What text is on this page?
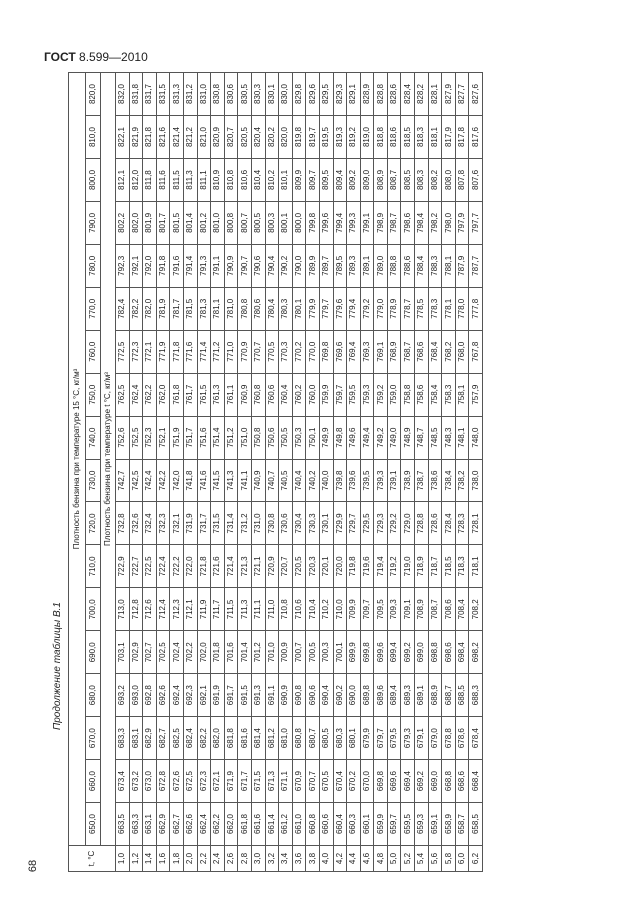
ГОСТ 8.599—2010
Продолжение таблицы В.1
t, °C	Плотность бензина при температуре 15 °С, кг/м³																	
	650,0	660,0	670,0	680,0	690,0	700,0	710,0	720,0	730,0	740,0	750,0	760,0	770,0	780,0	790,0	800,0	810,0	820,0
	Плотность бензина при температуре t °С, кг/м³																	
1,0	663,5	673,4	683,3	693,2	703,1	713,0	722,9	732,8	742,7	752,6	762,5	772,5	782,4	792,3	802,2	812,1	822,1	832,0
1,2	663,3	673,2	683,1	693,0	702,9	712,8	722,7	732,6	742,5	752,5	762,4	772,3	782,2	792,1	802,0	812,0	821,9	831,8
1,4	663,1	673,0	682,9	692,8	702,7	712,6	722,5	732,4	742,4	752,3	762,2	772,1	782,0	792,0	801,9	811,8	821,8	831,7
1,6	662,9	672,8	682,7	692,6	702,5	712,4	722,4	732,3	742,2	752,1	762,0	771,9	781,9	791,8	801,7	811,6	821,6	831,5
1,8	662,7	672,6	682,5	692,4	702,4	712,3	722,2	732,1	742,0	751,9	761,8	771,8	781,7	791,6	801,5	811,5	821,4	831,3
2,0	662,6	672,5	682,4	692,3	702,2	712,1	722,0	731,9	741,8	751,7	761,7	771,6	781,5	791,4	801,4	811,3	821,2	831,2
2,2	662,4	672,3	682,2	692,1	702,0	711,9	721,8	731,7	741,6	751,6	761,5	771,4	781,3	791,3	801,2	811,1	821,0	831,0
2,4	662,2	672,1	682,0	691,9	701,8	711,7	721,6	731,5	741,5	751,4	761,3	771,2	781,1	791,1	801,0	810,9	820,9	830,8
2,6	662,0	671,9	681,8	691,7	701,6	711,5	721,4	731,4	741,3	751,2	761,1	771,0	781,0	790,9	800,8	810,8	820,7	830,6
2,8	661,8	671,7	681,6	691,5	701,4	711,3	721,3	731,2	741,1	751,0	760,9	770,9	780,8	790,7	800,7	810,6	820,5	830,5
3,0	661,6	671,5	681,4	691,3	701,2	711,1	721,1	731,0	740,9	750,8	760,8	770,7	780,6	790,6	800,5	810,4	820,4	830,3
3,2	661,4	671,3	681,2	691,1	701,0	711,0	720,9	730,8	740,7	750,6	760,6	770,5	780,4	790,4	800,3	810,2	820,2	830,1
3,4	661,2	671,1	681,0	690,9	700,9	710,8	720,7	730,6	740,5	750,5	760,4	770,3	780,3	790,2	800,1	810,1	820,0	830,0
3,6	661,0	670,9	680,8	690,8	700,7	710,6	720,5	730,4	740,4	750,3	760,2	770,2	780,1	790,0	800,0	809,9	819,8	829,8
3,8	660,8	670,7	680,7	690,6	700,5	710,4	720,3	730,3	740,2	750,1	760,0	770,0	779,9	789,9	799,8	809,7	819,7	829,6
4,0	660,6	670,5	680,5	690,4	700,3	710,2	720,1	730,1	740,0	749,9	759,9	769,8	779,7	789,7	799,6	809,5	819,5	829,5
4,2	660,4	670,4	680,3	690,2	700,1	710,0	720,0	729,9	739,8	749,8	759,7	769,6	779,6	789,5	799,4	809,4	819,3	829,3
4,4	660,3	670,2	680,1	690,0	699,9	709,9	719,8	729,7	739,6	749,6	759,5	769,4	779,4	789,3	799,3	809,2	819,2	829,1
4,6	660,1	670,0	679,9	689,8	699,8	709,7	719,6	729,5	739,5	749,4	759,3	769,3	779,2	789,1	799,1	809,0	819,0	828,9
4,8	659,9	669,8	679,7	689,6	699,6	709,5	719,4	729,3	739,3	749,2	759,2	769,1	779,0	789,0	798,9	808,9	818,8	828,8
5,0	659,7	669,6	679,5	689,4	699,4	709,3	719,2	729,2	739,1	749,0	759,0	768,9	778,9	788,8	798,7	808,7	818,6	828,6
5,2	659,5	669,4	679,3	689,3	699,2	709,1	719,0	729,0	738,9	748,9	758,8	768,7	778,7	788,6	798,6	808,5	818,5	828,4
5,4	659,3	669,2	679,1	689,1	699,0	708,9	718,9	728,8	738,7	748,7	758,6	768,6	778,5	788,4	798,4	808,3	818,3	828,2
5,6	659,1	669,0	679,0	688,9	698,8	708,7	718,7	728,6	738,6	748,5	758,4	768,4	778,3	788,3	798,2	808,2	818,1	828,1
5,8	658,9	668,8	678,8	688,7	698,6	708,6	718,5	728,4	738,4	748,3	758,3	768,2	778,1	788,1	798,0	808,0	817,9	827,9
6,0	658,7	668,6	678,6	688,5	698,4	708,4	718,3	728,3	738,2	748,1	758,1	768,0	778,0	787,9	797,9	807,8	817,8	827,7
6,2	658,5	668,4	678,4	688,3	698,2	708,2	718,1	728,1	738,0	748,0	757,9	767,8	777,8	787,7	797,7	807,6	817,6	827,6
68
